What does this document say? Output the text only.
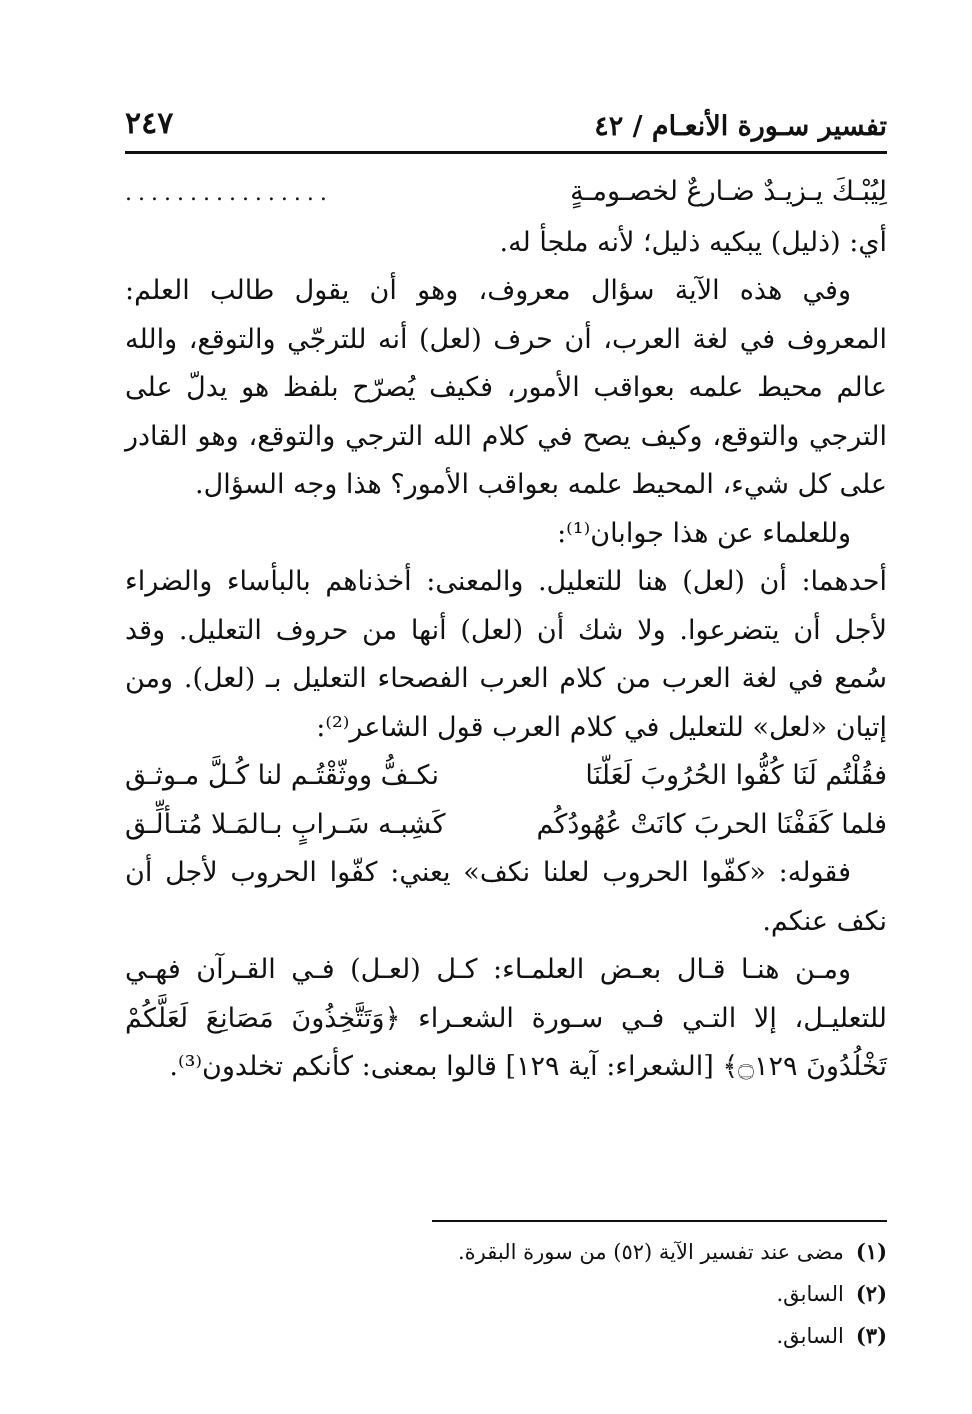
تفسير سـورة الأنعـام / ٤٢
٢٤٧
لِيُبْـكَ يـزيـدٌ ضـارعٌ لخصـومـةٍ
................

أي: (ذليل) يبكيه ذليل؛ لأنه ملجأ له.

وفي هذه الآية سؤال معروف، وهو أن يقول طالب العلم: المعروف في لغة العرب، أن حرف (لعل) أنه للترجّي والتوقع، والله عالم محيط علمه بعواقب الأمور، فكيف يُصرّح بلفظ هو يدلّ على الترجي والتوقع، وكيف يصح في كلام الله الترجي والتوقع، وهو القادر على كل شيء، المحيط علمه بعواقب الأمور؟ هذا وجه السؤال.

وللعلماء عن هذا جوابان⁽¹⁾:

أحدهما: أن (لعل) هنا للتعليل. والمعنى: أخذناهم بالبأساء والضراء لأجل أن يتضرعوا. ولا شك أن (لعل) أنها من حروف التعليل. وقد سُمع في لغة العرب من كلام العرب الفصحاء التعليل بـ (لعل). ومن إتيان «لعل» للتعليل في كلام العرب قول الشاعر⁽²⁾:

فقُلْتُم لَنَا كُفُّوا الحُرُوبَ لَعَلّنَا
نكـفُّ ووثّقْتُـم لنا كُـلَّ مـوثـق
فلما كَفَفْنَا الحربَ كانَتْ عُهُودُكُم
كَشِبـه سَـرابٍ بـالمَـلا مُتـألِّـق

فقوله: «كفّوا الحروب لعلنا نكف» يعني: كفّوا الحروب لأجل أن نكف عنكم.

ومـن هنـا قـال بعـض العلمـاء: كـل (لعـل) فـي القـرآن فهـي للتعليـل، إلا التـي فـي سـورة الشعـراء ﴿وَتَتَّخِذُونَ مَصَانِعَ لَعَلَّكُمْ تَخْلُدُونَ ۝١٢٩﴾ [الشعراء: آية ١٢٩] قالوا بمعنى: كأنكم تخلدون⁽³⁾.

(١)مضى عند تفسير الآية (٥٢) من سورة البقرة.
(٢)السابق.
(٣)السابق.
